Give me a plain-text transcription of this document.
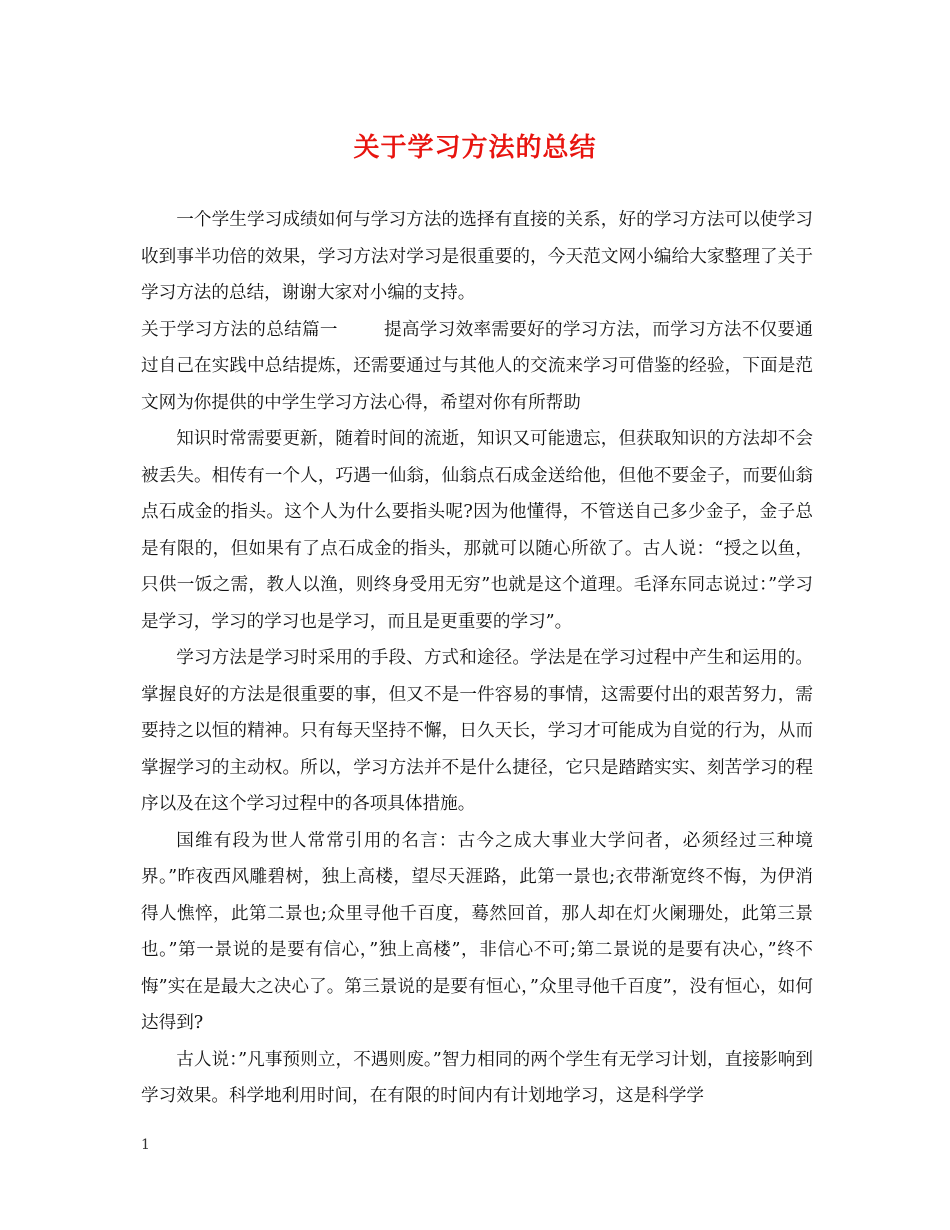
关于学习方法的总结

一个学生学习成绩如何与学习方法的选择有直接的关系，好的学习方法可以使学习收到事半功倍的效果，学习方法对学习是很重要的，今天范文网小编给大家整理了关于学习方法的总结，谢谢大家对小编的支持。

关于学习方法的总结篇一	提高学习效率需要好的学习方法，而学习方法不仅要通过自己在实践中总结提炼，还需要通过与其他人的交流来学习可借鉴的经验，下面是范文网为你提供的中学生学习方法心得，希望对你有所帮助

知识时常需要更新，随着时间的流逝，知识又可能遗忘，但获取知识的方法却不会被丢失。相传有一个人，巧遇一仙翁，仙翁点石成金送给他，但他不要金子，而要仙翁点石成金的指头。这个人为什么要指头呢?因为他懂得，不管送自己多少金子，金子总是有限的，但如果有了点石成金的指头，那就可以随心所欲了。古人说：“授之以鱼，只供一饭之需，教人以渔，则终身受用无穷”也就是这个道理。毛泽东同志说过：”学习是学习，学习的学习也是学习，而且是更重要的学习”。

学习方法是学习时采用的手段、方式和途径。学法是在学习过程中产生和运用的。掌握良好的方法是很重要的事，但又不是一件容易的事情，这需要付出的艰苦努力，需要持之以恒的精神。只有每天坚持不懈，日久天长，学习才可能成为自觉的行为，从而掌握学习的主动权。所以，学习方法并不是什么捷径，它只是踏踏实实、刻苦学习的程序以及在这个学习过程中的各项具体措施。

国维有段为世人常常引用的名言：古今之成大事业大学问者，必须经过三种境界。”昨夜西风雕碧树，独上高楼，望尽天涯路，此第一景也;衣带渐宽终不悔，为伊消得人憔悴，此第二景也;众里寻他千百度，蓦然回首，那人却在灯火阑珊处，此第三景也。”第一景说的是要有信心，”独上高楼”，非信心不可;第二景说的是要有决心，”终不悔”实在是最大之决心了。第三景说的是要有恒心，”众里寻他千百度”，没有恒心，如何达得到?

古人说：”凡事预则立，不遇则废。”智力相同的两个学生有无学习计划，直接影响到学习效果。科学地利用时间，在有限的时间内有计划地学习，这是科学学

1
